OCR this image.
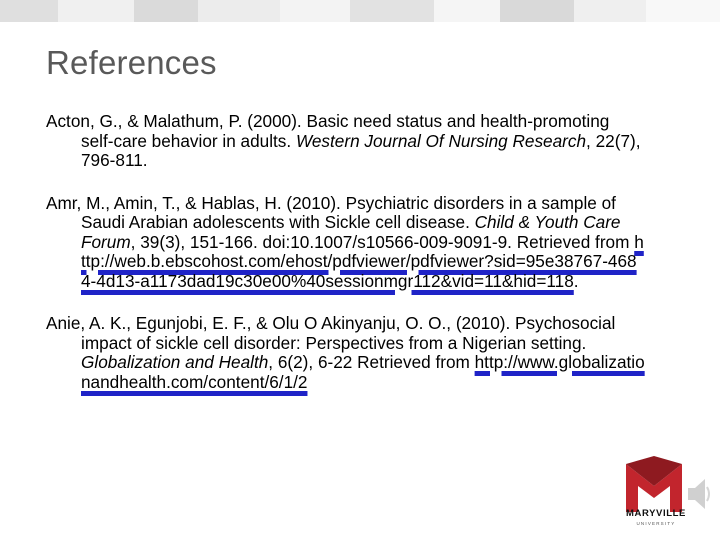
References
Acton, G., & Malathum, P. (2000). Basic need status and health-promoting self-care behavior in adults. Western Journal Of Nursing Research, 22(7), 796-811.
Amr, M., Amin, T., & Hablas, H. (2010). Psychiatric disorders in a sample of Saudi Arabian adolescents with Sickle cell disease. Child & Youth Care Forum, 39(3), 151-166. doi:10.1007/s10566-009-9091-9. Retrieved from http://web.b.ebscohost.com/ehost/pdfviewer/pdfviewer?sid=95e38767-4684-4d13-a1173dad19c30e00%40sessionmgr112&vid=11&hid=118.
Anie, A. K., Egunjobi, E. F., & Olu O Akinyanju, O. O., (2010). Psychosocial impact of sickle cell disorder: Perspectives from a Nigerian setting. Globalization and Health, 6(2), 6-22 Retrieved from http://www.globalizationandhealth.com/content/6/1/2
MARYVILLE
UNIVERSITY
